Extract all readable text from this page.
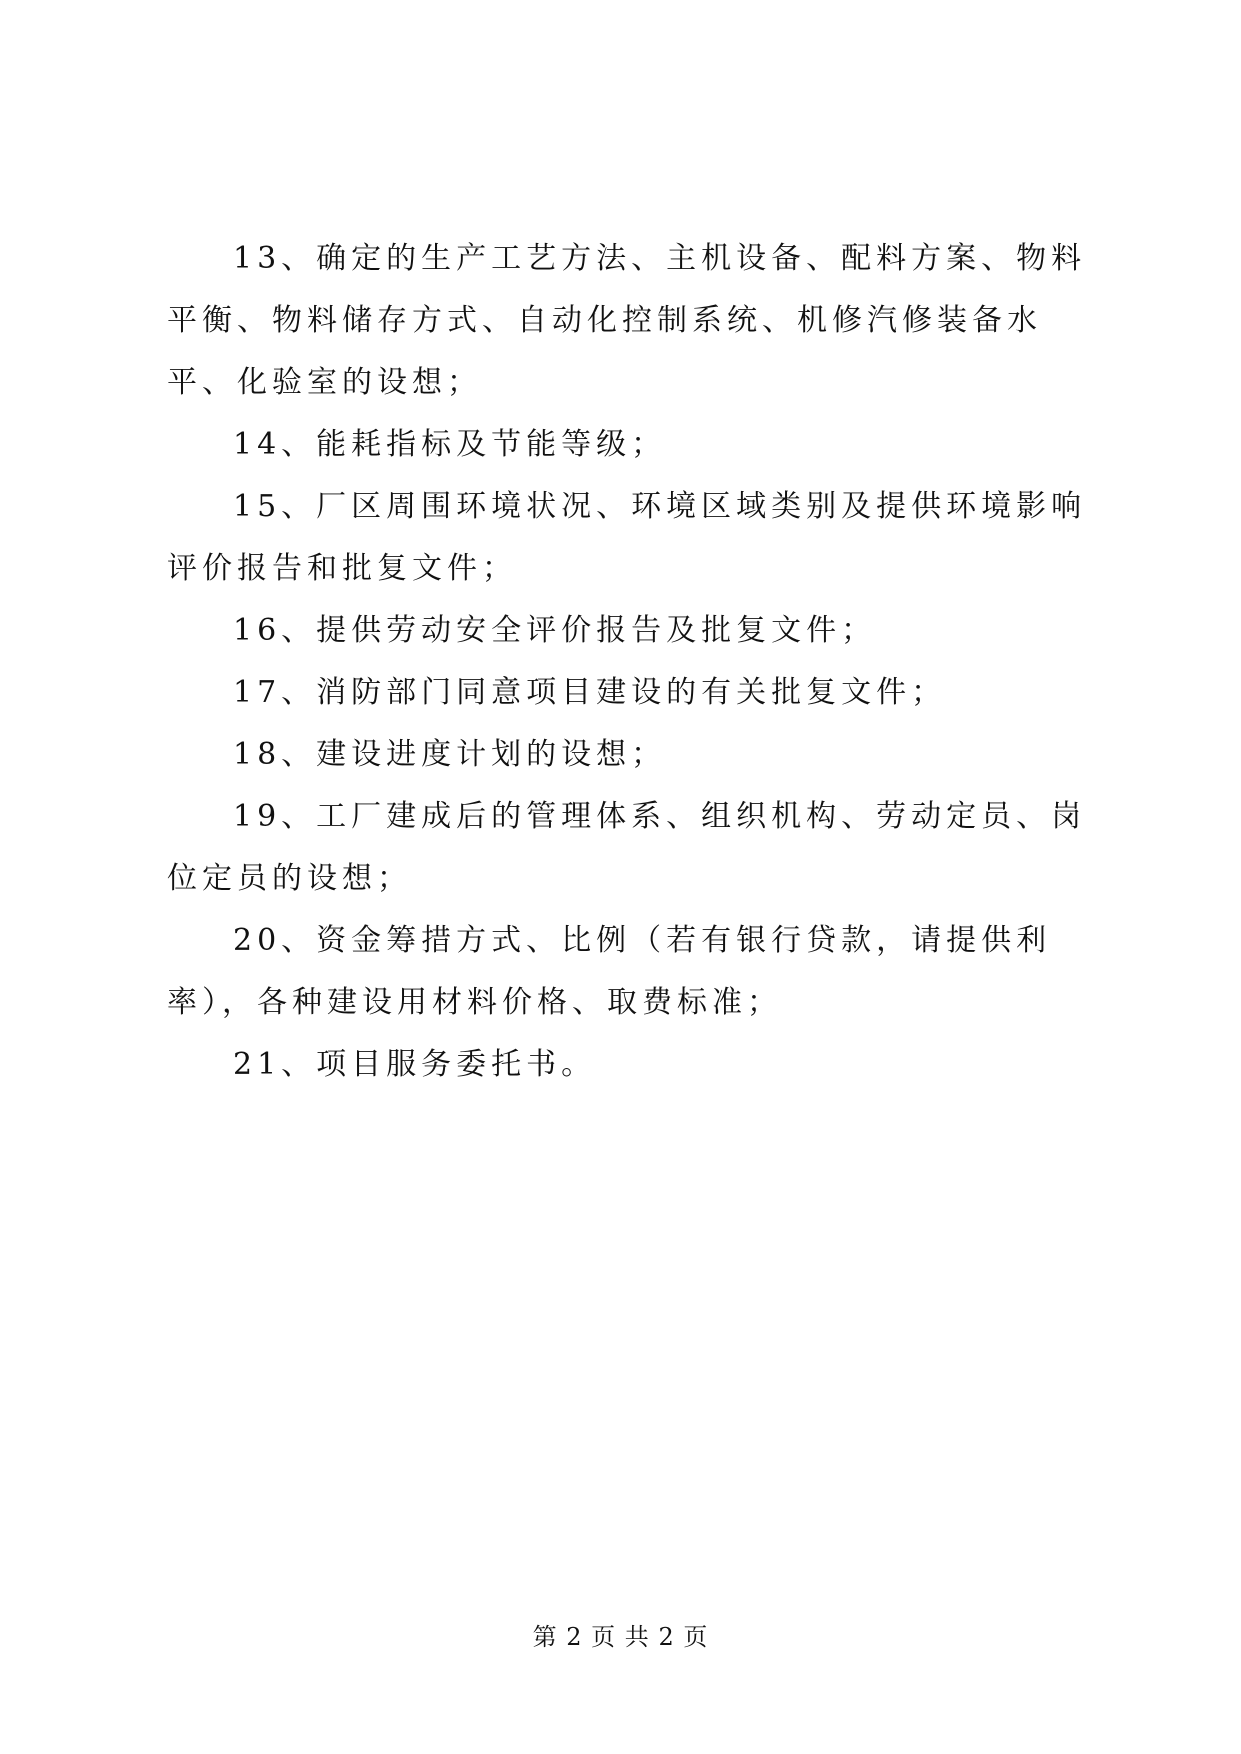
13、确定的生产工艺方法、主机设备、配料方案、物料平衡、物料储存方式、自动化控制系统、机修汽修装备水平、化验室的设想；

14、能耗指标及节能等级；

15、厂区周围环境状况、环境区域类别及提供环境影响评价报告和批复文件；

16、提供劳动安全评价报告及批复文件；

17、消防部门同意项目建设的有关批复文件；

18、建设进度计划的设想；

19、工厂建成后的管理体系、组织机构、劳动定员、岗位定员的设想；

20、资金筹措方式、比例（若有银行贷款，请提供利率），各种建设用材料价格、取费标准；

21、项目服务委托书。

第 2 页 共 2 页
